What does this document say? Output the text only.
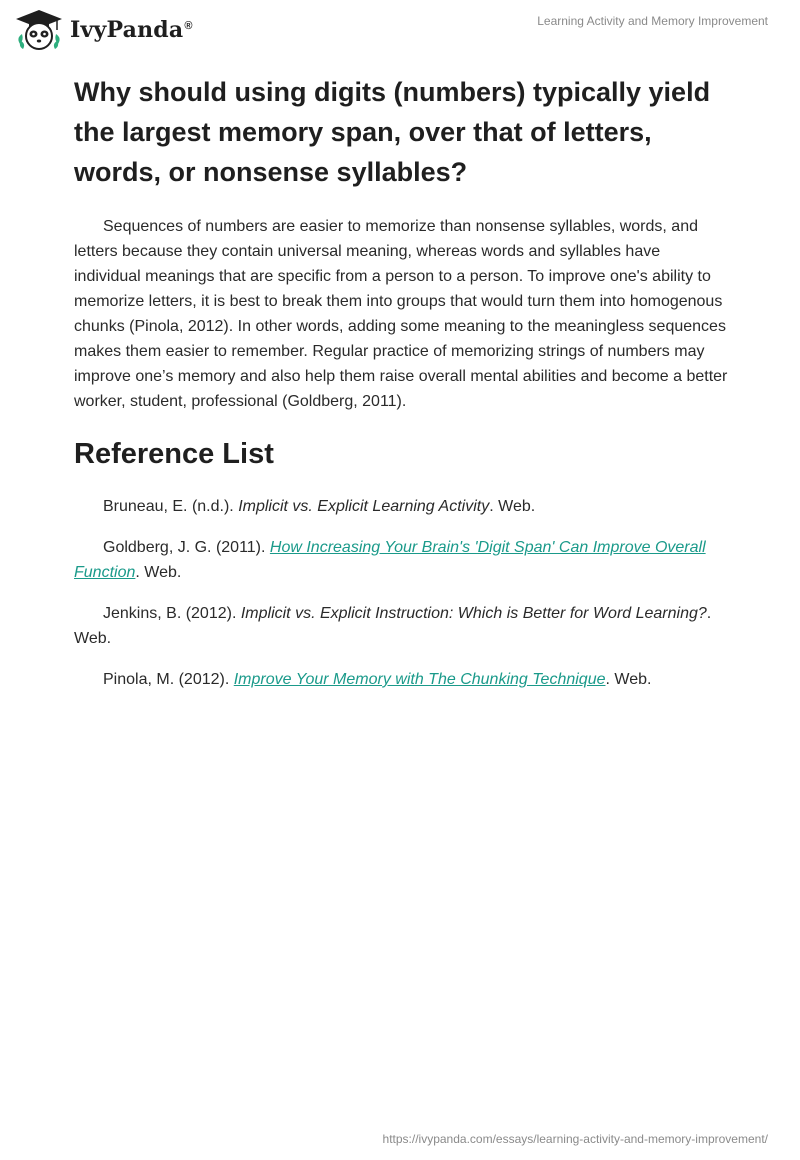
IvyPanda®	Learning Activity and Memory Improvement
Why should using digits (numbers) typically yield the largest memory span, over that of letters, words, or nonsense syllables?

Sequences of numbers are easier to memorize than nonsense syllables, words, and letters because they contain universal meaning, whereas words and syllables have individual meanings that are specific from a person to a person. To improve one's ability to memorize letters, it is best to break them into groups that would turn them into homogenous chunks (Pinola, 2012). In other words, adding some meaning to the meaningless sequences makes them easier to remember. Regular practice of memorizing strings of numbers may improve one’s memory and also help them raise overall mental abilities and become a better worker, student, professional (Goldberg, 2011).

Reference List
Bruneau, E. (n.d.). Implicit vs. Explicit Learning Activity. Web.
Goldberg, J. G. (2011). How Increasing Your Brain's 'Digit Span' Can Improve Overall Function. Web.
Jenkins, B. (2012). Implicit vs. Explicit Instruction: Which is Better for Word Learning?. Web.
Pinola, M. (2012). Improve Your Memory with The Chunking Technique. Web.
https://ivypanda.com/essays/learning-activity-and-memory-improvement/
